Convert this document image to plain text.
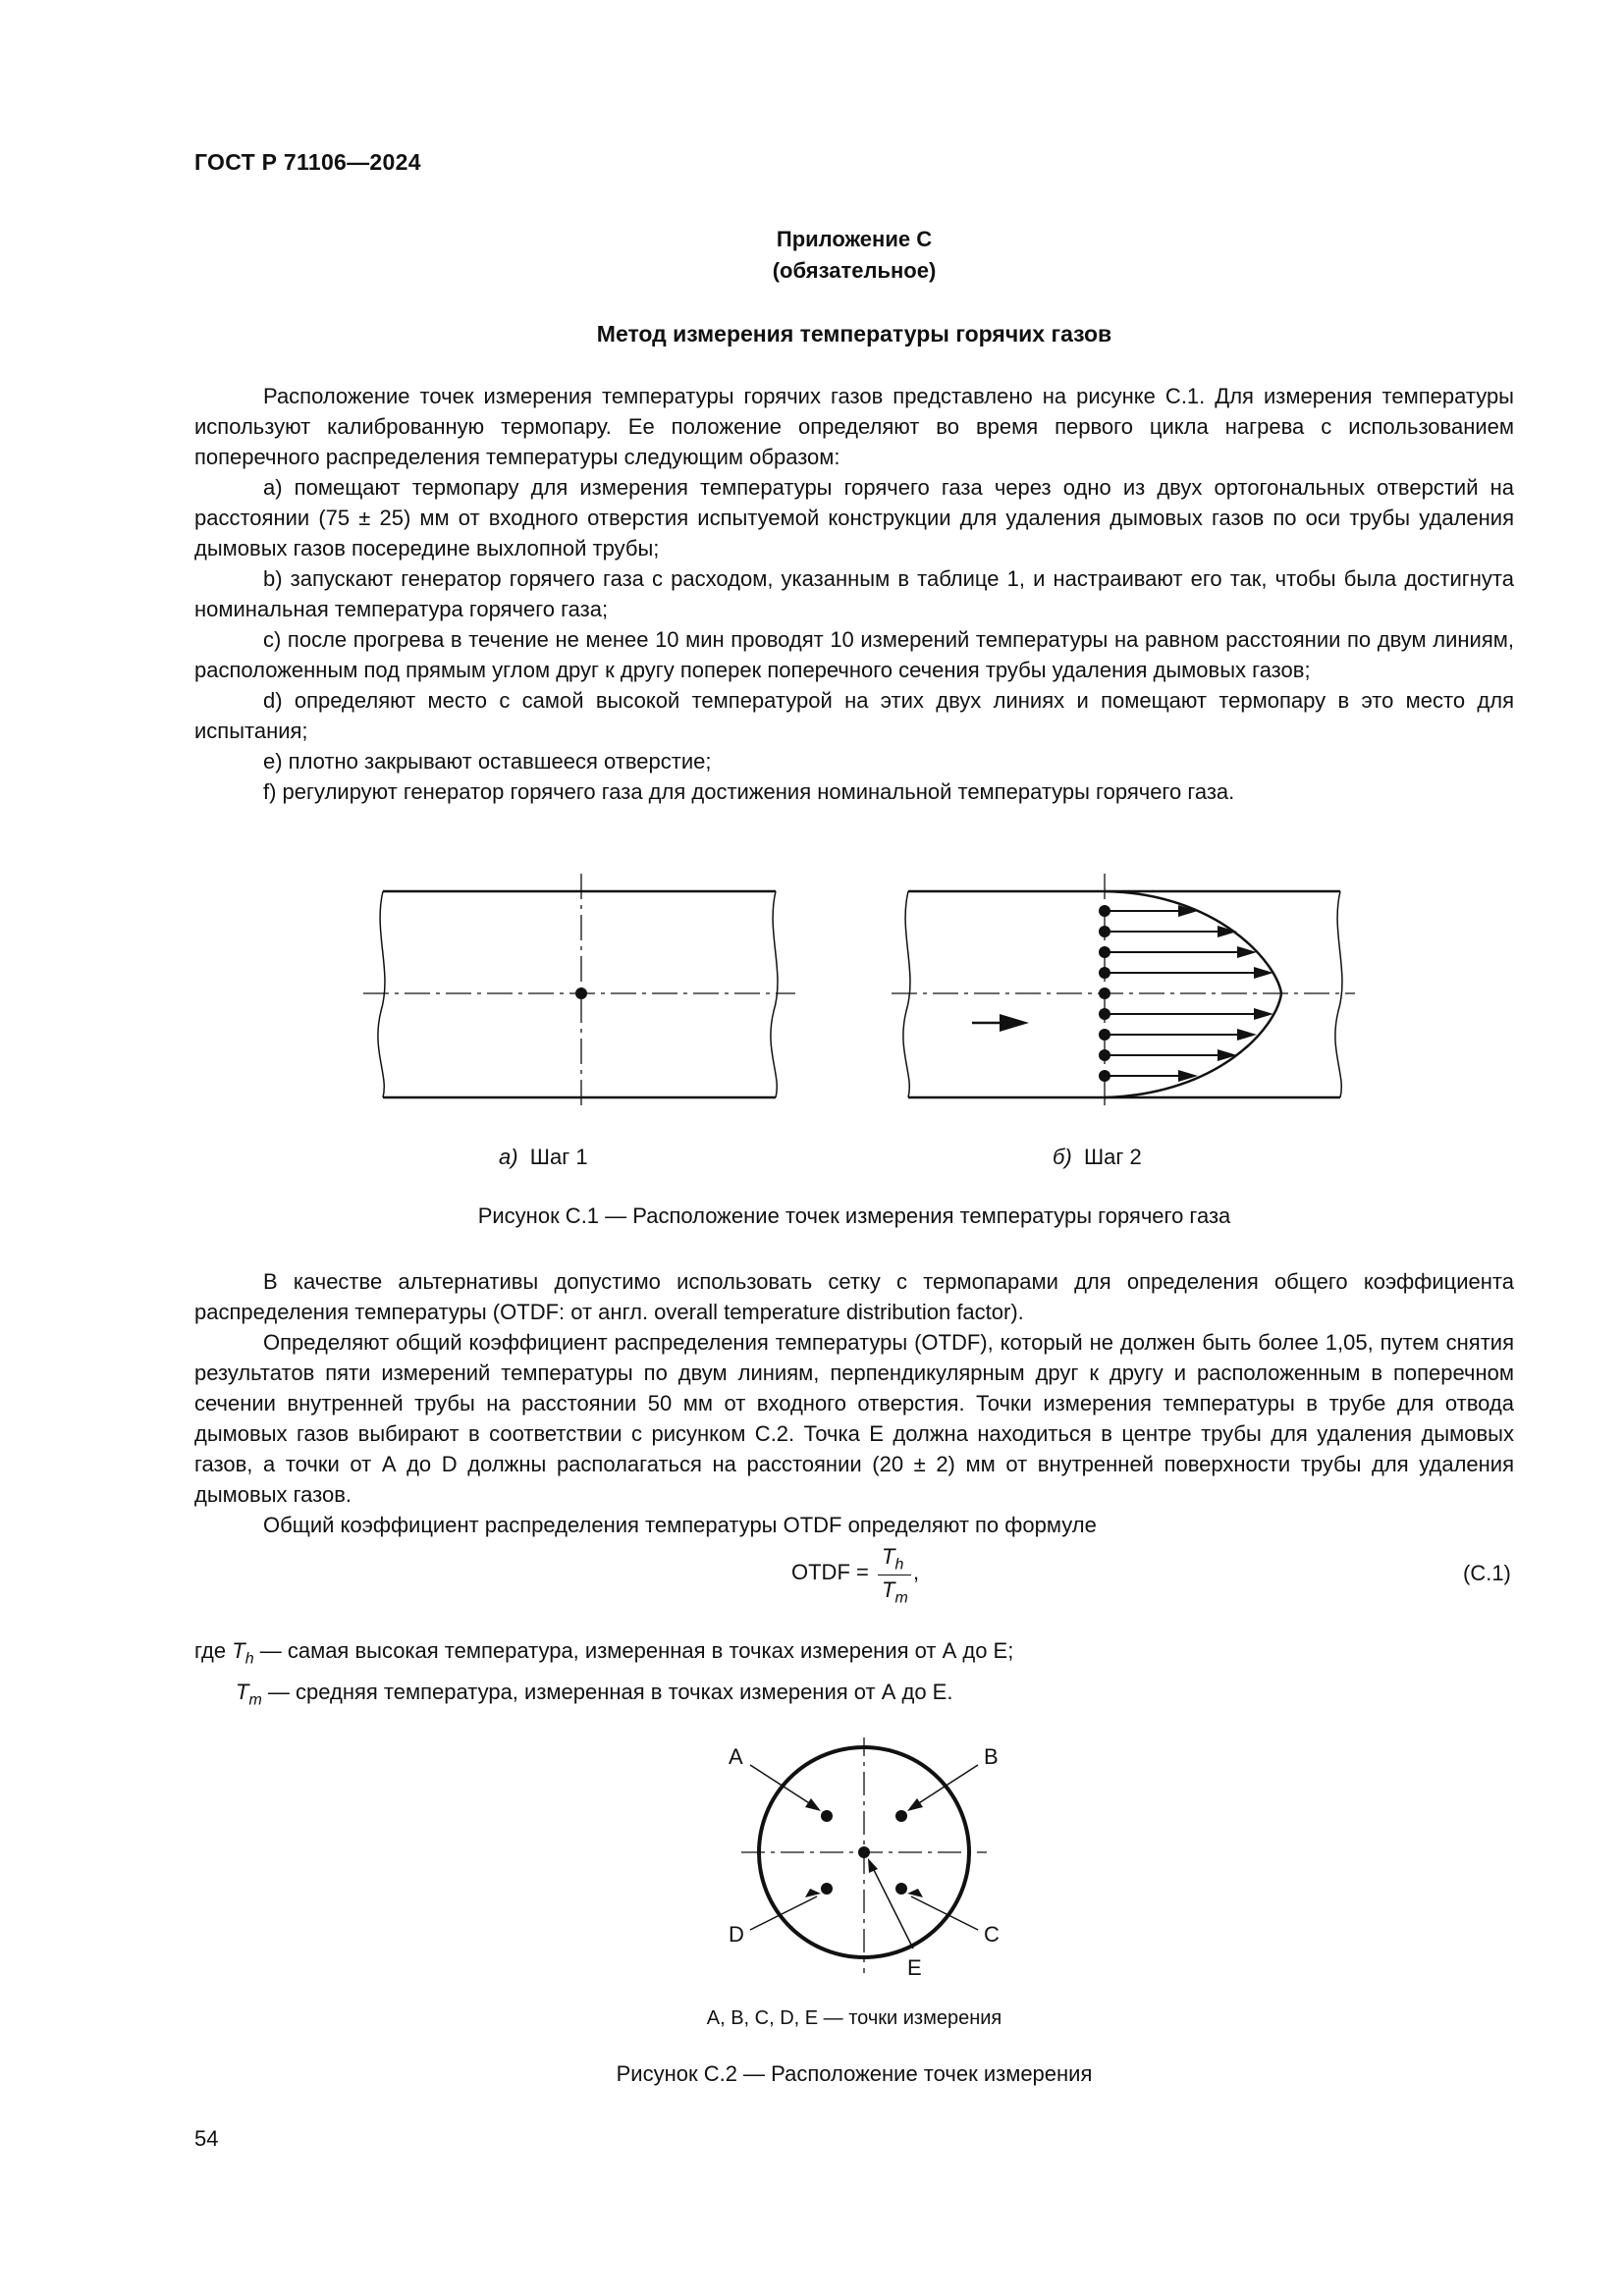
ГОСТ Р 71106—2024
Приложение С
(обязательное)
Метод измерения температуры горячих газов

Расположение точек измерения температуры горячих газов представлено на рисунке С.1. Для измерения температуры используют калиброванную термопару. Ее положение определяют во время первого цикла нагрева с использованием поперечного распределения температуры следующим образом:

a) помещают термопару для измерения температуры горячего газа через одно из двух ортогональных отверстий на расстоянии (75 ± 25) мм от входного отверстия испытуемой конструкции для удаления дымовых газов по оси трубы удаления дымовых газов посередине выхлопной трубы;

b) запускают генератор горячего газа с расходом, указанным в таблице 1, и настраивают его так, чтобы была достигнута номинальная температура горячего газа;

c) после прогрева в течение не менее 10 мин проводят 10 измерений температуры на равном расстоянии по двум линиям, расположенным под прямым углом друг к другу поперек поперечного сечения трубы удаления дымовых газов;

d) определяют место с самой высокой температурой на этих двух линиях и помещают термопару в это место для испытания;

e) плотно закрывают оставшееся отверстие;

f) регулируют генератор горячего газа для достижения номинальной температуры горячего газа.

a) Шаг 1	б) Шаг 2
Рисунок С.1 — Расположение точек измерения температуры горячего газа

В качестве альтернативы допустимо использовать сетку с термопарами для определения общего коэффициента распределения температуры (OTDF: от англ. overall temperature distribution factor).

Определяют общий коэффициент распределения температуры (OTDF), который не должен быть более 1,05, путем снятия результатов пяти измерений температуры по двум линиям, перпендикулярным друг к другу и расположенным в поперечном сечении внутренней трубы на расстоянии 50 мм от входного отверстия. Точки измерения температуры в трубе для отвода дымовых газов выбирают в соответствии с рисунком С.2. Точка Е должна находиться в центре трубы для удаления дымовых газов, а точки от А до D должны располагаться на расстоянии (20 ± 2) мм от внутренней поверхности трубы для удаления дымовых газов.

Общий коэффициент распределения температуры OTDF определяют по формуле

OTDF =
$T_h$
$T_m$
,	(С.1)
где $T_h$ — самая высокая температура, измеренная в точках измерения от А до Е;
$T_m$ — средняя температура, измеренная в точках измерения от А до Е.
A	B
C
D
E
A, B, C, D, E — точки измерения
Рисунок С.2 — Расположение точек измерения
54
